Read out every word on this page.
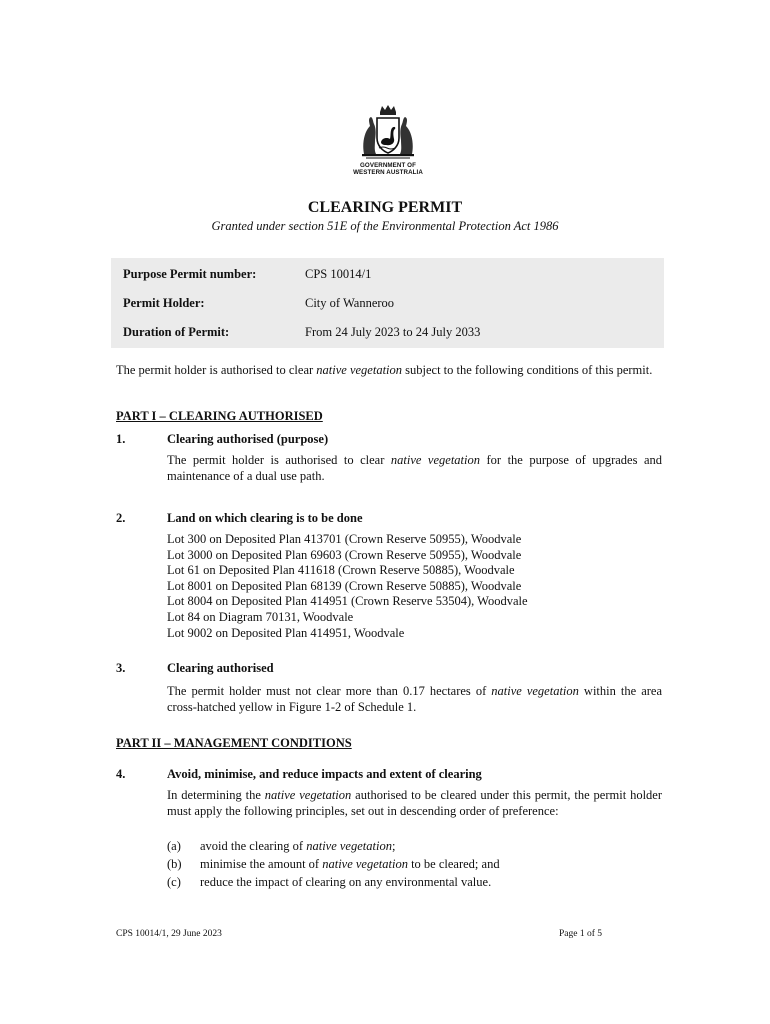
GOVERNMENT OF
WESTERN AUSTRALIA
CLEARING PERMIT
Granted under section 51E of the Environmental Protection Act 1986
Purpose Permit number:	CPS 10014/1
Permit Holder:	City of Wanneroo
Duration of Permit:	From 24 July 2023 to 24 July 2033
The permit holder is authorised to clear native vegetation subject to the following conditions of this permit.
PART I – CLEARING AUTHORISED
1.	Clearing authorised (purpose)
The permit holder is authorised to clear native vegetation for the purpose of upgrades and maintenance of a dual use path.
2.	Land on which clearing is to be done
Lot 300 on Deposited Plan 413701 (Crown Reserve 50955), Woodvale
Lot 3000 on Deposited Plan 69603 (Crown Reserve 50955), Woodvale
Lot 61 on Deposited Plan 411618 (Crown Reserve 50885), Woodvale
Lot 8001 on Deposited Plan 68139 (Crown Reserve 50885), Woodvale
Lot 8004 on Deposited Plan 414951 (Crown Reserve 53504), Woodvale
Lot 84 on Diagram 70131, Woodvale
Lot 9002 on Deposited Plan 414951, Woodvale
3.	Clearing authorised
The permit holder must not clear more than 0.17 hectares of native vegetation within the area cross-hatched yellow in Figure 1-2 of Schedule 1.
PART II – MANAGEMENT CONDITIONS
4.	Avoid, minimise, and reduce impacts and extent of clearing
In determining the native vegetation authorised to be cleared under this permit, the permit holder must apply the following principles, set out in descending order of preference:
(a) avoid the clearing of native vegetation;
(b) minimise the amount of native vegetation to be cleared; and
(c) reduce the impact of clearing on any environmental value.
CPS 10014/1, 29 June 2023	Page 1 of 5
